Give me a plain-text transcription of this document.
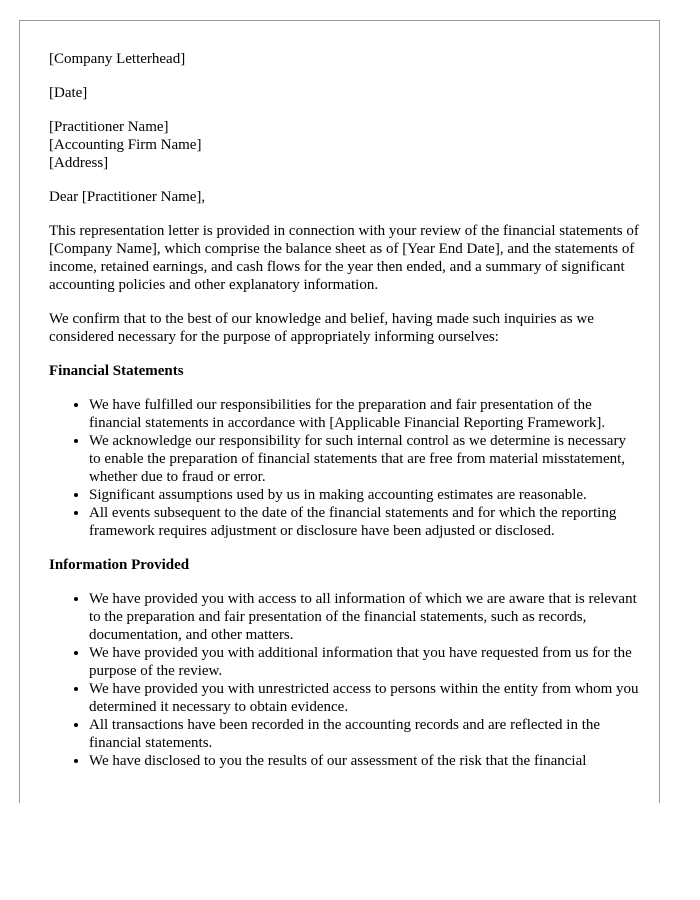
[Company Letterhead]

[Date]

[Practitioner Name]
[Accounting Firm Name]
[Address]

Dear [Practitioner Name],

This representation letter is provided in connection with your review of the financial statements of [Company Name], which comprise the balance sheet as of [Year End Date], and the statements of income, retained earnings, and cash flows for the year then ended, and a summary of significant accounting policies and other explanatory information.

We confirm that to the best of our knowledge and belief, having made such inquiries as we considered necessary for the purpose of appropriately informing ourselves:

Financial Statements
• We have fulfilled our responsibilities for the preparation and fair presentation of the financial statements in accordance with [Applicable Financial Reporting Framework].
• We acknowledge our responsibility for such internal control as we determine is necessary to enable the preparation of financial statements that are free from material misstatement, whether due to fraud or error.
• Significant assumptions used by us in making accounting estimates are reasonable.
• All events subsequent to the date of the financial statements and for which the reporting framework requires adjustment or disclosure have been adjusted or disclosed.
Information Provided
• We have provided you with access to all information of which we are aware that is relevant to the preparation and fair presentation of the financial statements, such as records, documentation, and other matters.
• We have provided you with additional information that you have requested from us for the purpose of the review.
• We have provided you with unrestricted access to persons within the entity from whom you determined it necessary to obtain evidence.
• All transactions have been recorded in the accounting records and are reflected in the financial statements.
• We have disclosed to you the results of our assessment of the risk that the financial
